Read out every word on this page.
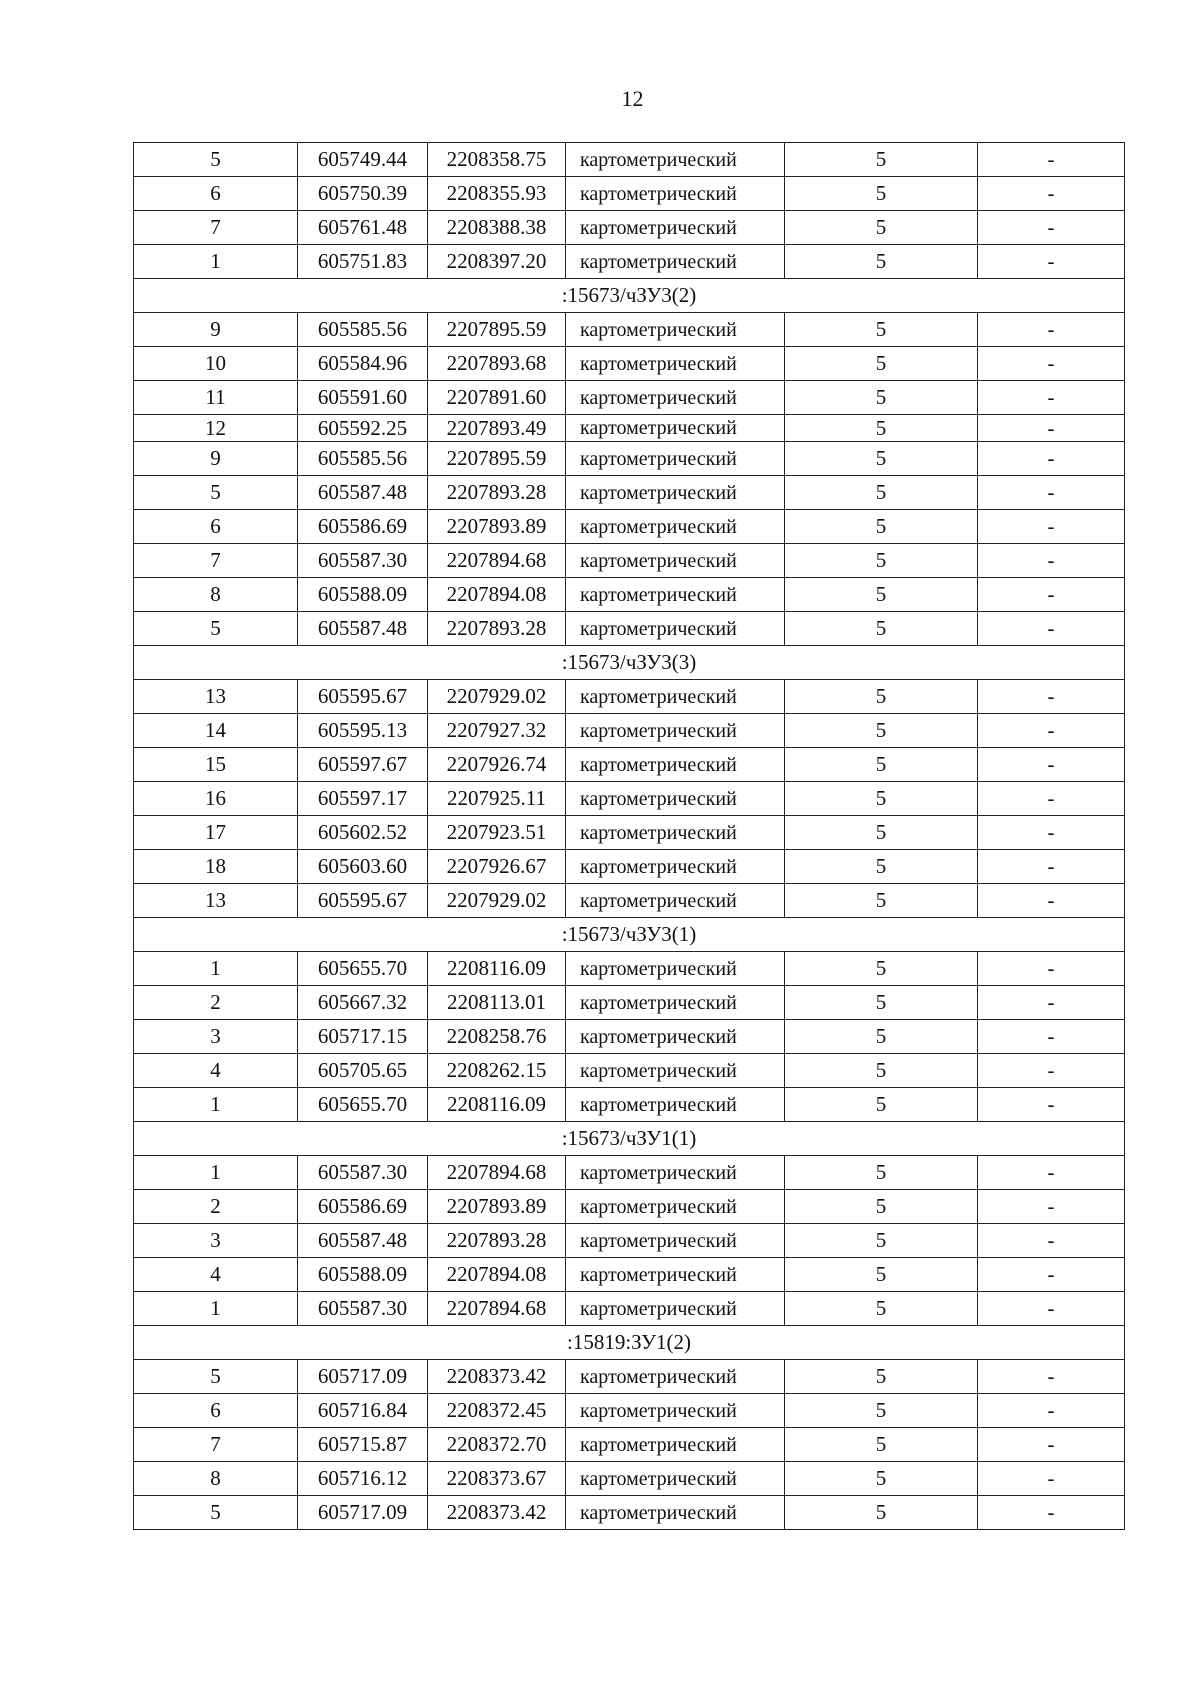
12
5	605749.44	2208358.75	картометрический	5	-
6	605750.39	2208355.93	картометрический	5	-
7	605761.48	2208388.38	картометрический	5	-
1	605751.83	2208397.20	картометрический	5	-
:15673/чЗУ3(2)					
9	605585.56	2207895.59	картометрический	5	-
10	605584.96	2207893.68	картометрический	5	-
11	605591.60	2207891.60	картометрический	5	-
12	605592.25	2207893.49	картометрический	5	-
9	605585.56	2207895.59	картометрический	5	-
5	605587.48	2207893.28	картометрический	5	-
6	605586.69	2207893.89	картометрический	5	-
7	605587.30	2207894.68	картометрический	5	-
8	605588.09	2207894.08	картометрический	5	-
5	605587.48	2207893.28	картометрический	5	-
:15673/чЗУ3(3)					
13	605595.67	2207929.02	картометрический	5	-
14	605595.13	2207927.32	картометрический	5	-
15	605597.67	2207926.74	картометрический	5	-
16	605597.17	2207925.11	картометрический	5	-
17	605602.52	2207923.51	картометрический	5	-
18	605603.60	2207926.67	картометрический	5	-
13	605595.67	2207929.02	картометрический	5	-
:15673/чЗУ3(1)					
1	605655.70	2208116.09	картометрический	5	-
2	605667.32	2208113.01	картометрический	5	-
3	605717.15	2208258.76	картометрический	5	-
4	605705.65	2208262.15	картометрический	5	-
1	605655.70	2208116.09	картометрический	5	-
:15673/чЗУ1(1)					
1	605587.30	2207894.68	картометрический	5	-
2	605586.69	2207893.89	картометрический	5	-
3	605587.48	2207893.28	картометрический	5	-
4	605588.09	2207894.08	картометрический	5	-
1	605587.30	2207894.68	картометрический	5	-
:15819:ЗУ1(2)					
5	605717.09	2208373.42	картометрический	5	-
6	605716.84	2208372.45	картометрический	5	-
7	605715.87	2208372.70	картометрический	5	-
8	605716.12	2208373.67	картометрический	5	-
5	605717.09	2208373.42	картометрический	5	-
